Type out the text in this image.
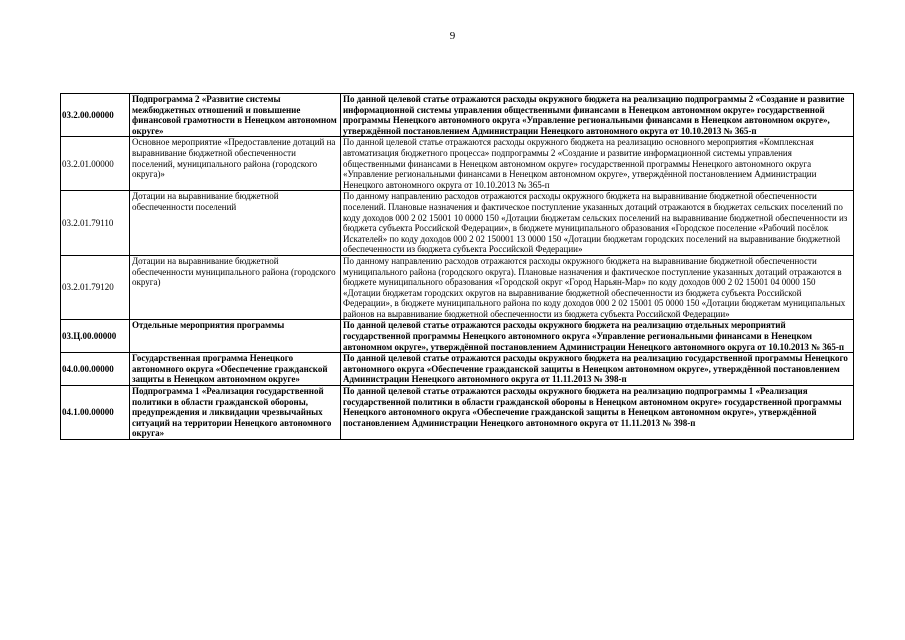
9
03.2.00.00000	Подпрограмма 2 «Развитие системы межбюджетных отношений и повышение финансовой грамотности в Ненецком автономном округе»	По данной целевой статье отражаются расходы окружного бюджета на реализацию подпрограммы 2 «Создание и развитие информационной системы управления общественными финансами в Ненецком автономном округе» государственной программы Ненецкого автономного округа «Управление региональными финансами в Ненецком автономном округе», утверждённой постановлением Администрации Ненецкого автономного округа от 10.10.2013 № 365-п
03.2.01.00000	Основное мероприятие «Предоставление дотаций на выравнивание бюджетной обеспеченности поселений, муниципального района (городского округа)»	По данной целевой статье отражаются расходы окружного бюджета на реализацию основного мероприятия «Комплексная автоматизация бюджетного процесса» подпрограммы 2 «Создание и развитие информационной системы управления общественными финансами в Ненецком автономном округе» государственной программы Ненецкого автономного округа «Управление региональными финансами в Ненецком автономном округе», утверждённой постановлением Администрации Ненецкого автономного округа от 10.10.2013 № 365-п
03.2.01.79110	Дотации на выравнивание бюджетной обеспеченности поселений	По данному направлению расходов отражаются расходы окружного бюджета на выравнивание бюджетной обеспеченности поселений. Плановые назначения и фактическое поступление указанных дотаций отражаются в бюджетах сельских поселений по коду доходов 000 2 02 15001 10 0000 150 «Дотации бюджетам сельских поселений на выравнивание бюджетной обеспеченности из бюджета субъекта Российской Федерации», в бюджете муниципального образования «Городское поселение «Рабочий посёлок Искателей» по коду доходов 000 2 02 150001 13 0000 150 «Дотации бюджетам городских поселений на выравнивание бюджетной обеспеченности из бюджета субъекта Российской Федерации»
03.2.01.79120	Дотации на выравнивание бюджетной обеспеченности муниципального района (городского округа)	По данному направлению расходов отражаются расходы окружного бюджета на выравнивание бюджетной обеспеченности муниципального района (городского округа). Плановые назначения и фактическое поступление указанных дотаций отражаются в бюджете муниципального образования «Городской округ «Город Нарьян-Мар» по коду доходов 000 2 02 15001 04 0000 150 «Дотации бюджетам городских округов на выравнивание бюджетной обеспеченности из бюджета субъекта Российской Федерации», в бюджете муниципального района по коду доходов 000 2 02 15001 05 0000 150 «Дотации бюджетам муниципальных районов на выравнивание бюджетной обеспеченности из бюджета субъекта Российской Федерации»
03.Ц.00.00000	Отдельные мероприятия программы	По данной целевой статье отражаются расходы окружного бюджета на реализацию отдельных мероприятий государственной программы Ненецкого автономного округа «Управление региональными финансами в Ненецком автономном округе», утверждённой постановлением Администрации Ненецкого автономного округа от 10.10.2013 № 365-п
04.0.00.00000	Государственная программа Ненецкого автономного округа «Обеспечение гражданской защиты в Ненецком автономном округе»	По данной целевой статье отражаются расходы окружного бюджета на реализацию государственной программы Ненецкого автономного округа «Обеспечение гражданской защиты в Ненецком автономном округе», утверждённой постановлением Администрации Ненецкого автономного округа от 11.11.2013 № 398-п
04.1.00.00000	Подпрограмма 1 «Реализация государственной политики в области гражданской обороны, предупреждения и ликвидации чрезвычайных ситуаций на территории Ненецкого автономного округа»	По данной целевой статье отражаются расходы окружного бюджета на реализацию подпрограммы 1 «Реализация государственной политики в области гражданской обороны в Ненецком автономном округе» государственной программы Ненецкого автономного округа «Обеспечение гражданской защиты в Ненецком автономном округе», утверждённой постановлением Администрации Ненецкого автономного округа от 11.11.2013 № 398-п
